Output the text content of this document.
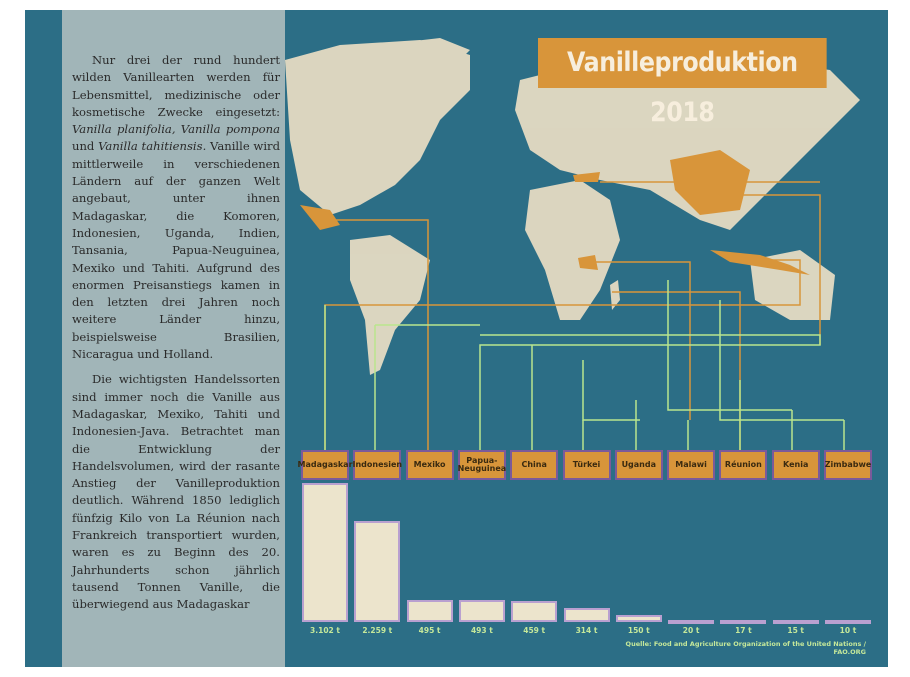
Nur drei der rund hundert wilden Vanillearten werden für Lebensmittel, medizinische oder kosmetische Zwecke eingesetzt: Vanilla planifolia, Vanilla pompona und Vanilla tahitiensis. Vanille wird mittlerweile in verschiedenen Ländern auf der ganzen Welt angebaut, unter ihnen Madagaskar, die Komoren, Indonesien, Uganda, Indien, Tansania, Papua-Neuguinea, Mexiko und Tahiti. Aufgrund des enormen Preisanstiegs kamen in den letzten drei Jahren noch weitere Länder hinzu, beispielsweise Brasilien, Nicaragua und Holland.

Die wichtigsten Handelssorten sind immer noch die Vanille aus Madagaskar, Mexiko, Tahiti und Indonesien-Java. Betrachtet man die Entwicklung der Handelsvolumen, wird der rasante Anstieg der Vanilleproduktion deutlich. Während 1850 lediglich fünfzig Kilo von La Réunion nach Frankreich transportiert wurden, waren es zu Beginn des 20. Jahrhunderts schon jährlich tausend Tonnen Vanille, die überwiegend aus Madagaskar

Vanilleproduktion 2018
Madagaskar
3.102 t
Indonesien
2.259 t
Mexiko
495 t
Papua-Neuguinea
493 t
China
459 t
Türkei
314 t
Uganda
150 t
Malawi
20 t
Réunion
17 t
Kenia
15 t
Zimbabwe
10 t
Quelle: Food and Agriculture Organization of the United Nations / FAO.ORG
